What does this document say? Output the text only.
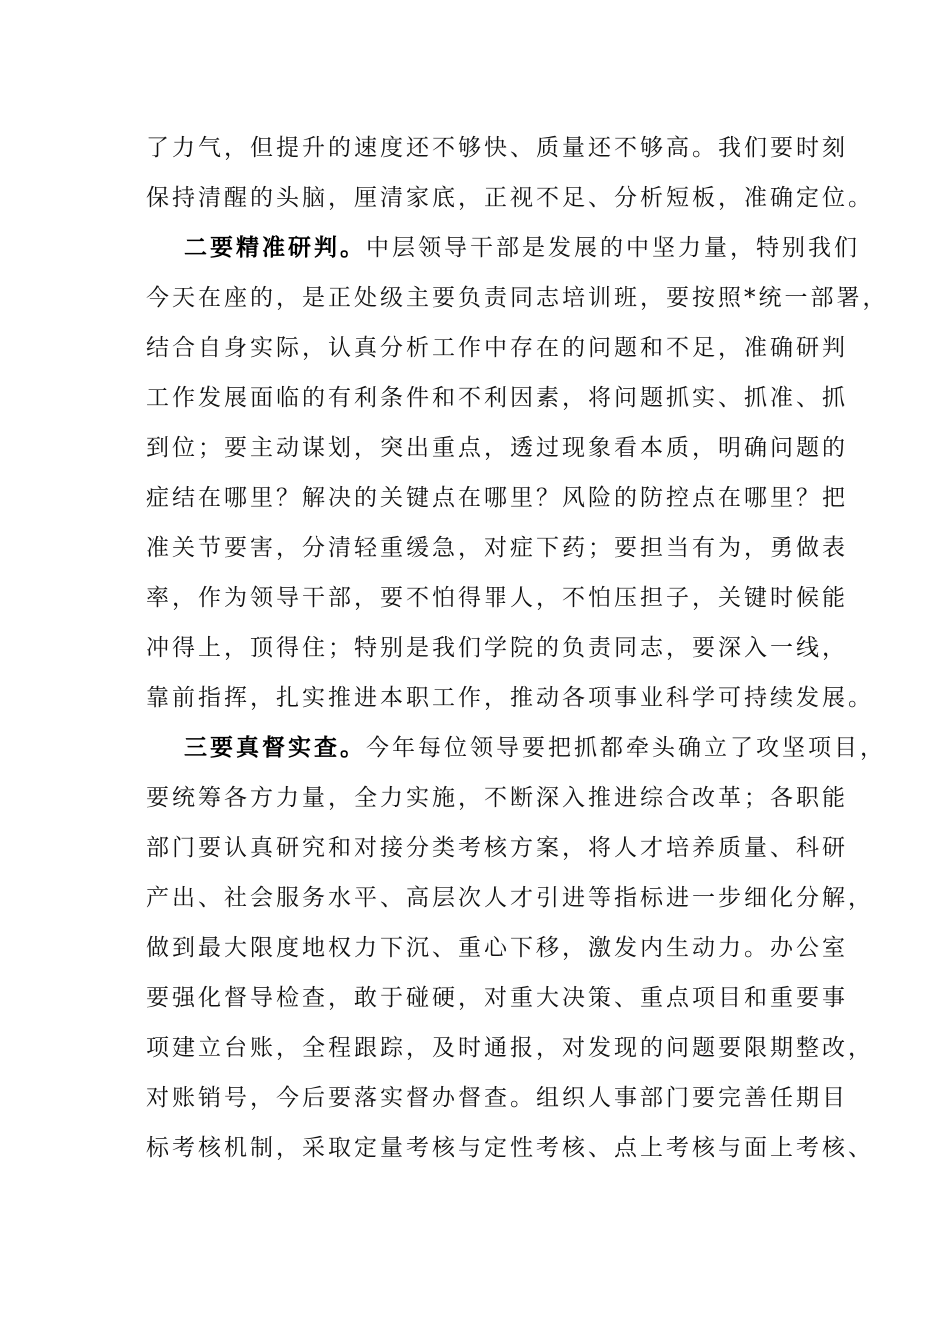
了力气，但提升的速度还不够快、质量还不够高。我们要时刻
保持清醒的头脑，厘清家底，正视不足、分析短板，准确定位。
二要精准研判。中层领导干部是发展的中坚力量，特别我们
今天在座的，是正处级主要负责同志培训班，要按照*统一部署，
结合自身实际，认真分析工作中存在的问题和不足，准确研判
工作发展面临的有利条件和不利因素，将问题抓实、抓准、抓
到位；要主动谋划，突出重点，透过现象看本质，明确问题的
症结在哪里？解决的关键点在哪里？风险的防控点在哪里？把
准关节要害，分清轻重缓急，对症下药；要担当有为，勇做表
率，作为领导干部，要不怕得罪人，不怕压担子，关键时候能
冲得上，顶得住；特别是我们学院的负责同志，要深入一线，
靠前指挥，扎实推进本职工作，推动各项事业科学可持续发展。
三要真督实查。今年每位领导要把抓都牵头确立了攻坚项目，
要统筹各方力量，全力实施，不断深入推进综合改革；各职能
部门要认真研究和对接分类考核方案，将人才培养质量、科研
产出、社会服务水平、高层次人才引进等指标进一步细化分解，
做到最大限度地权力下沉、重心下移，激发内生动力。办公室
要强化督导检查，敢于碰硬，对重大决策、重点项目和重要事
项建立台账，全程跟踪，及时通报，对发现的问题要限期整改，
对账销号，今后要落实督办督查。组织人事部门要完善任期目
标考核机制，采取定量考核与定性考核、点上考核与面上考核、
